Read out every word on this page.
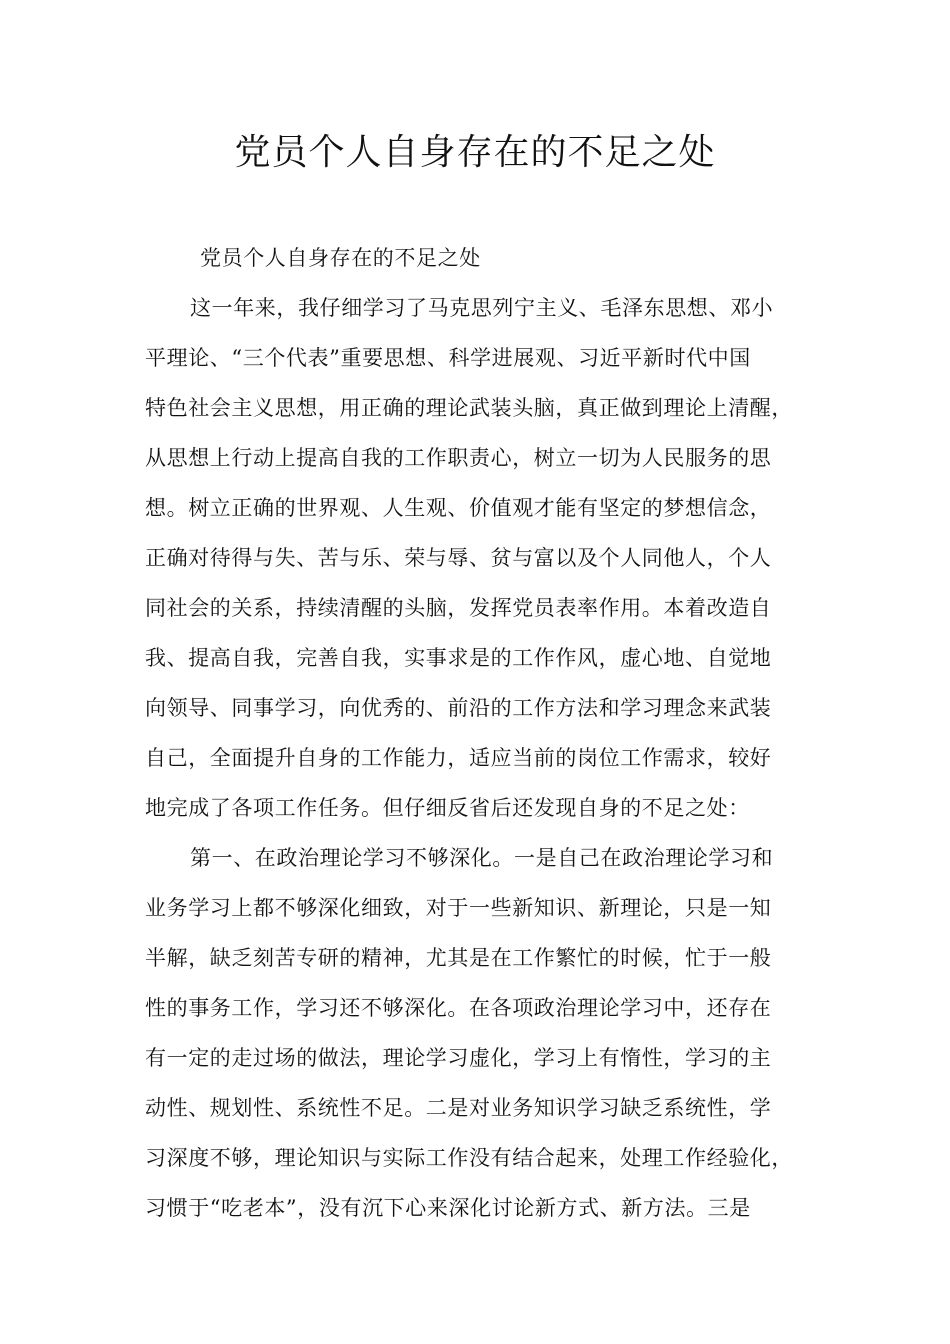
党员个人自身存在的不足之处

党员个人自身存在的不足之处

这一年来，我仔细学习了马克思列宁主义、毛泽东思想、邓小

平理论、“三个代表”重要思想、科学进展观、习近平新时代中国

特色社会主义思想，用正确的理论武装头脑，真正做到理论上清醒，

从思想上行动上提高自我的工作职责心，树立一切为人民服务的思

想。树立正确的世界观、人生观、价值观才能有坚定的梦想信念，

正确对待得与失、苦与乐、荣与辱、贫与富以及个人同他人，个人

同社会的关系，持续清醒的头脑，发挥党员表率作用。本着改造自

我、提高自我，完善自我，实事求是的工作作风，虚心地、自觉地

向领导、同事学习，向优秀的、前沿的工作方法和学习理念来武装

自己，全面提升自身的工作能力，适应当前的岗位工作需求，较好

地完成了各项工作任务。但仔细反省后还发现自身的不足之处：

第一、在政治理论学习不够深化。一是自己在政治理论学习和

业务学习上都不够深化细致，对于一些新知识、新理论，只是一知

半解，缺乏刻苦专研的精神，尤其是在工作繁忙的时候，忙于一般

性的事务工作，学习还不够深化。在各项政治理论学习中，还存在

有一定的走过场的做法，理论学习虚化，学习上有惰性，学习的主

动性、规划性、系统性不足。二是对业务知识学习缺乏系统性，学

习深度不够，理论知识与实际工作没有结合起来，处理工作经验化，

习惯于“吃老本”，没有沉下心来深化讨论新方式、新方法。三是
